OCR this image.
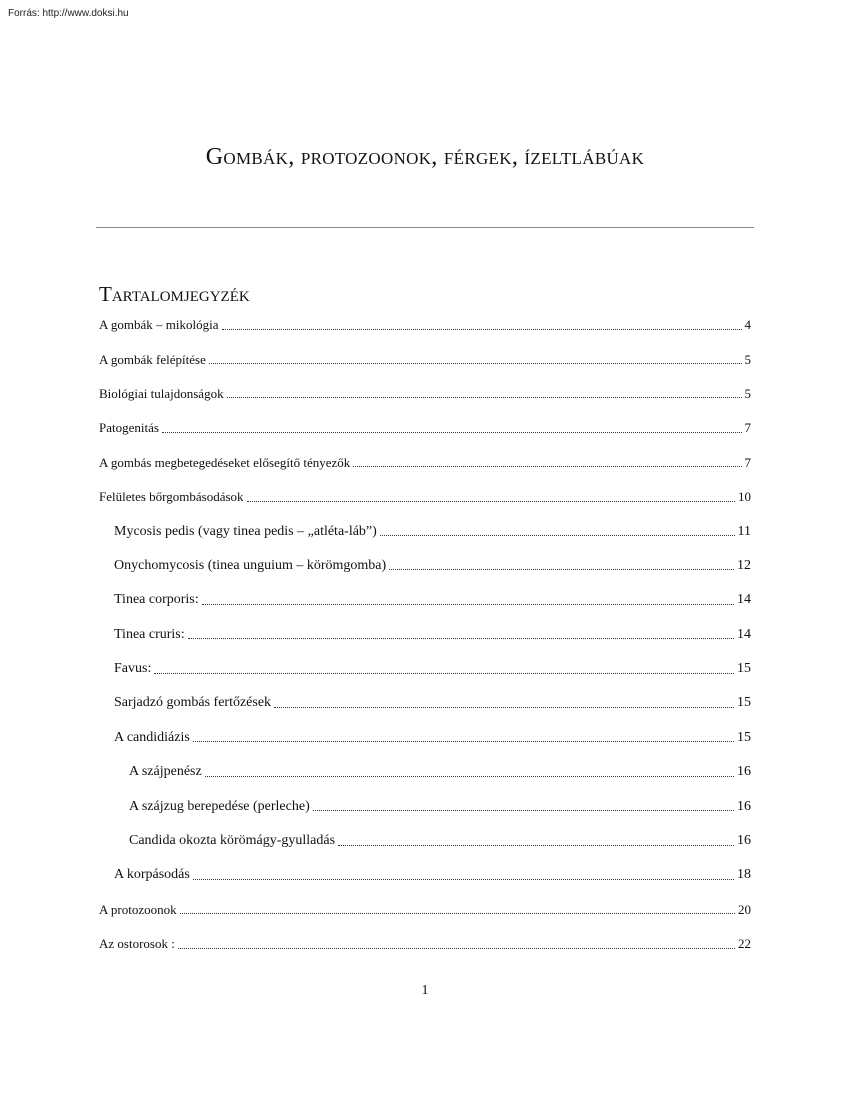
Forrás: http://www.doksi.hu
Gombák, protozoonok, férgek, ízeltlábúak
Tartalomjegyzék
A gombák – mikológia	4
A gombák felépítése	5
Biológiai tulajdonságok	5
Patogenitás	7
A gombás megbetegedéseket elősegítő tényezők	7
Felületes bőrgombásodások	10
Mycosis pedis (vagy tinea pedis – „atléta-láb”)	11
Onychomycosis (tinea unguium – körömgomba)	12
Tinea corporis:	14
Tinea cruris:	14
Favus:	15
Sarjadzó gombás fertőzések	15
A candidiázis	15
A szájpenész	16
A szájzug berepedése (perleche)	16
Candida okozta körömágy-gyulladás	16
A korpásodás	18
A protozoonok	20
Az ostorosok :	22
1
